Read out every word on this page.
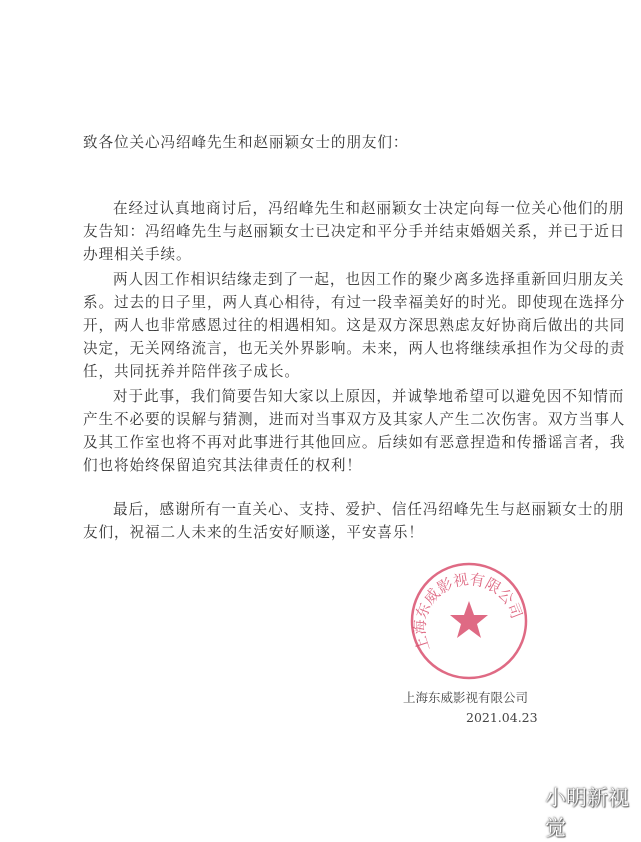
致各位关心冯绍峰先生和赵丽颖女士的朋友们：
在经过认真地商讨后，冯绍峰先生和赵丽颖女士决定向每一位关心他们的朋
友告知：冯绍峰先生与赵丽颖女士已决定和平分手并结束婚姻关系，并已于近日
办理相关手续。
两人因工作相识结缘走到了一起，也因工作的聚少离多选择重新回归朋友关
系。过去的日子里，两人真心相待，有过一段幸福美好的时光。即使现在选择分
开，两人也非常感恩过往的相遇相知。这是双方深思熟虑友好协商后做出的共同
决定，无关网络流言，也无关外界影响。未来，两人也将继续承担作为父母的责
任，共同抚养并陪伴孩子成长。
对于此事，我们简要告知大家以上原因，并诚挚地希望可以避免因不知情而
产生不必要的误解与猜测，进而对当事双方及其家人产生二次伤害。双方当事人
及其工作室也将不再对此事进行其他回应。后续如有恶意捏造和传播谣言者，我
们也将始终保留追究其法律责任的权利！
最后，感谢所有一直关心、支持、爱护、信任冯绍峰先生与赵丽颖女士的朋
友们，祝福二人未来的生活安好顺遂，平安喜乐！
上海东威影视有限公司
上海东威影视有限公司
2021.04.23
小明新视觉
